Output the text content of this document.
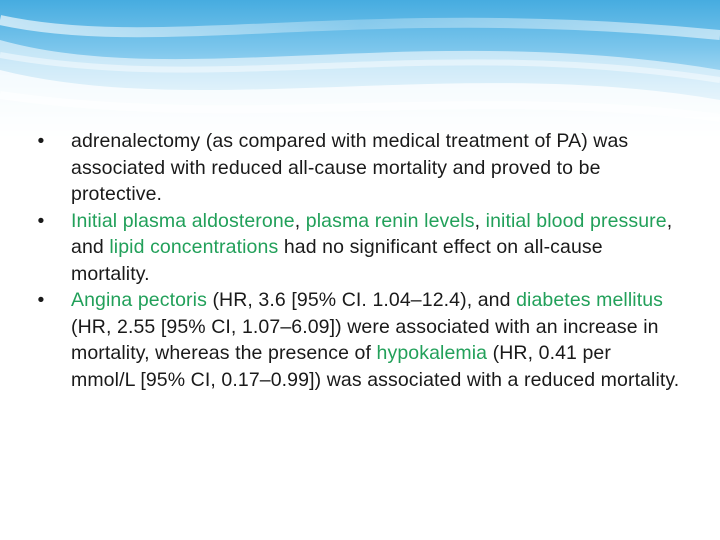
• adrenalectomy (as compared with medical treatment of PA) was associated with reduced all-cause mortality and proved to be protective.

• Initial plasma aldosterone, plasma renin levels, initial blood pressure, and lipid concentrations had no significant effect on all-cause mortality.

• Angina pectoris (HR, 3.6 [95% CI. 1.04–12.4), and diabetes mellitus (HR, 2.55 [95% CI, 1.07–6.09]) were associated with an increase in mortality, whereas the presence of hypokalemia (HR, 0.41 per mmol/L [95% CI, 0.17–0.99]) was associated with a reduced mortality.
